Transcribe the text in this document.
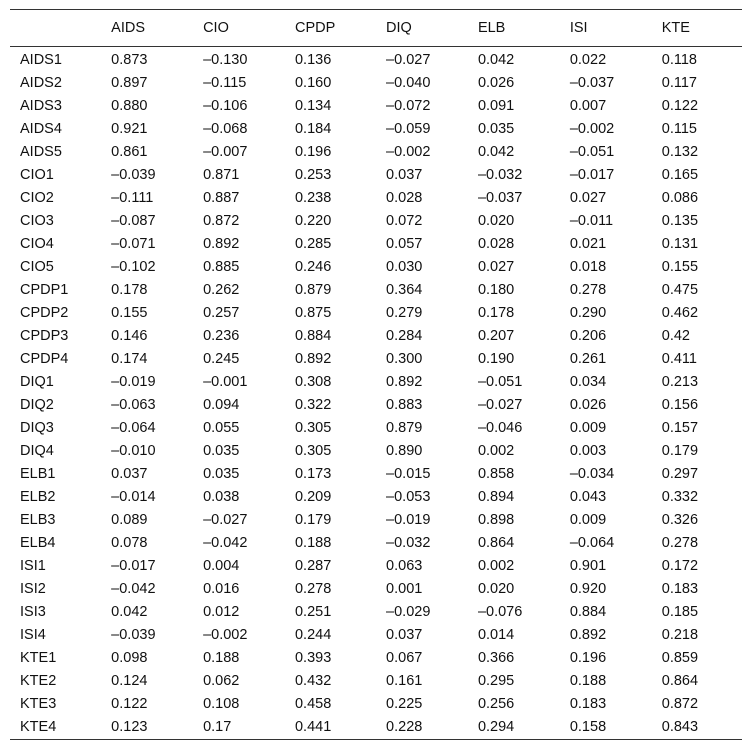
	AIDS	CIO	CPDP	DIQ	ELB	ISI	KTE
AIDS1	0.873	–0.130	0.136	–0.027	0.042	0.022	0.118
AIDS2	0.897	–0.115	0.160	–0.040	0.026	–0.037	0.117
AIDS3	0.880	–0.106	0.134	–0.072	0.091	0.007	0.122
AIDS4	0.921	–0.068	0.184	–0.059	0.035	–0.002	0.115
AIDS5	0.861	–0.007	0.196	–0.002	0.042	–0.051	0.132
CIO1	–0.039	0.871	0.253	0.037	–0.032	–0.017	0.165
CIO2	–0.111	0.887	0.238	0.028	–0.037	0.027	0.086
CIO3	–0.087	0.872	0.220	0.072	0.020	–0.011	0.135
CIO4	–0.071	0.892	0.285	0.057	0.028	0.021	0.131
CIO5	–0.102	0.885	0.246	0.030	0.027	0.018	0.155
CPDP1	0.178	0.262	0.879	0.364	0.180	0.278	0.475
CPDP2	0.155	0.257	0.875	0.279	0.178	0.290	0.462
CPDP3	0.146	0.236	0.884	0.284	0.207	0.206	0.42
CPDP4	0.174	0.245	0.892	0.300	0.190	0.261	0.411
DIQ1	–0.019	–0.001	0.308	0.892	–0.051	0.034	0.213
DIQ2	–0.063	0.094	0.322	0.883	–0.027	0.026	0.156
DIQ3	–0.064	0.055	0.305	0.879	–0.046	0.009	0.157
DIQ4	–0.010	0.035	0.305	0.890	0.002	0.003	0.179
ELB1	0.037	0.035	0.173	–0.015	0.858	–0.034	0.297
ELB2	–0.014	0.038	0.209	–0.053	0.894	0.043	0.332
ELB3	0.089	–0.027	0.179	–0.019	0.898	0.009	0.326
ELB4	0.078	–0.042	0.188	–0.032	0.864	–0.064	0.278
ISI1	–0.017	0.004	0.287	0.063	0.002	0.901	0.172
ISI2	–0.042	0.016	0.278	0.001	0.020	0.920	0.183
ISI3	0.042	0.012	0.251	–0.029	–0.076	0.884	0.185
ISI4	–0.039	–0.002	0.244	0.037	0.014	0.892	0.218
KTE1	0.098	0.188	0.393	0.067	0.366	0.196	0.859
KTE2	0.124	0.062	0.432	0.161	0.295	0.188	0.864
KTE3	0.122	0.108	0.458	0.225	0.256	0.183	0.872
KTE4	0.123	0.17	0.441	0.228	0.294	0.158	0.843
